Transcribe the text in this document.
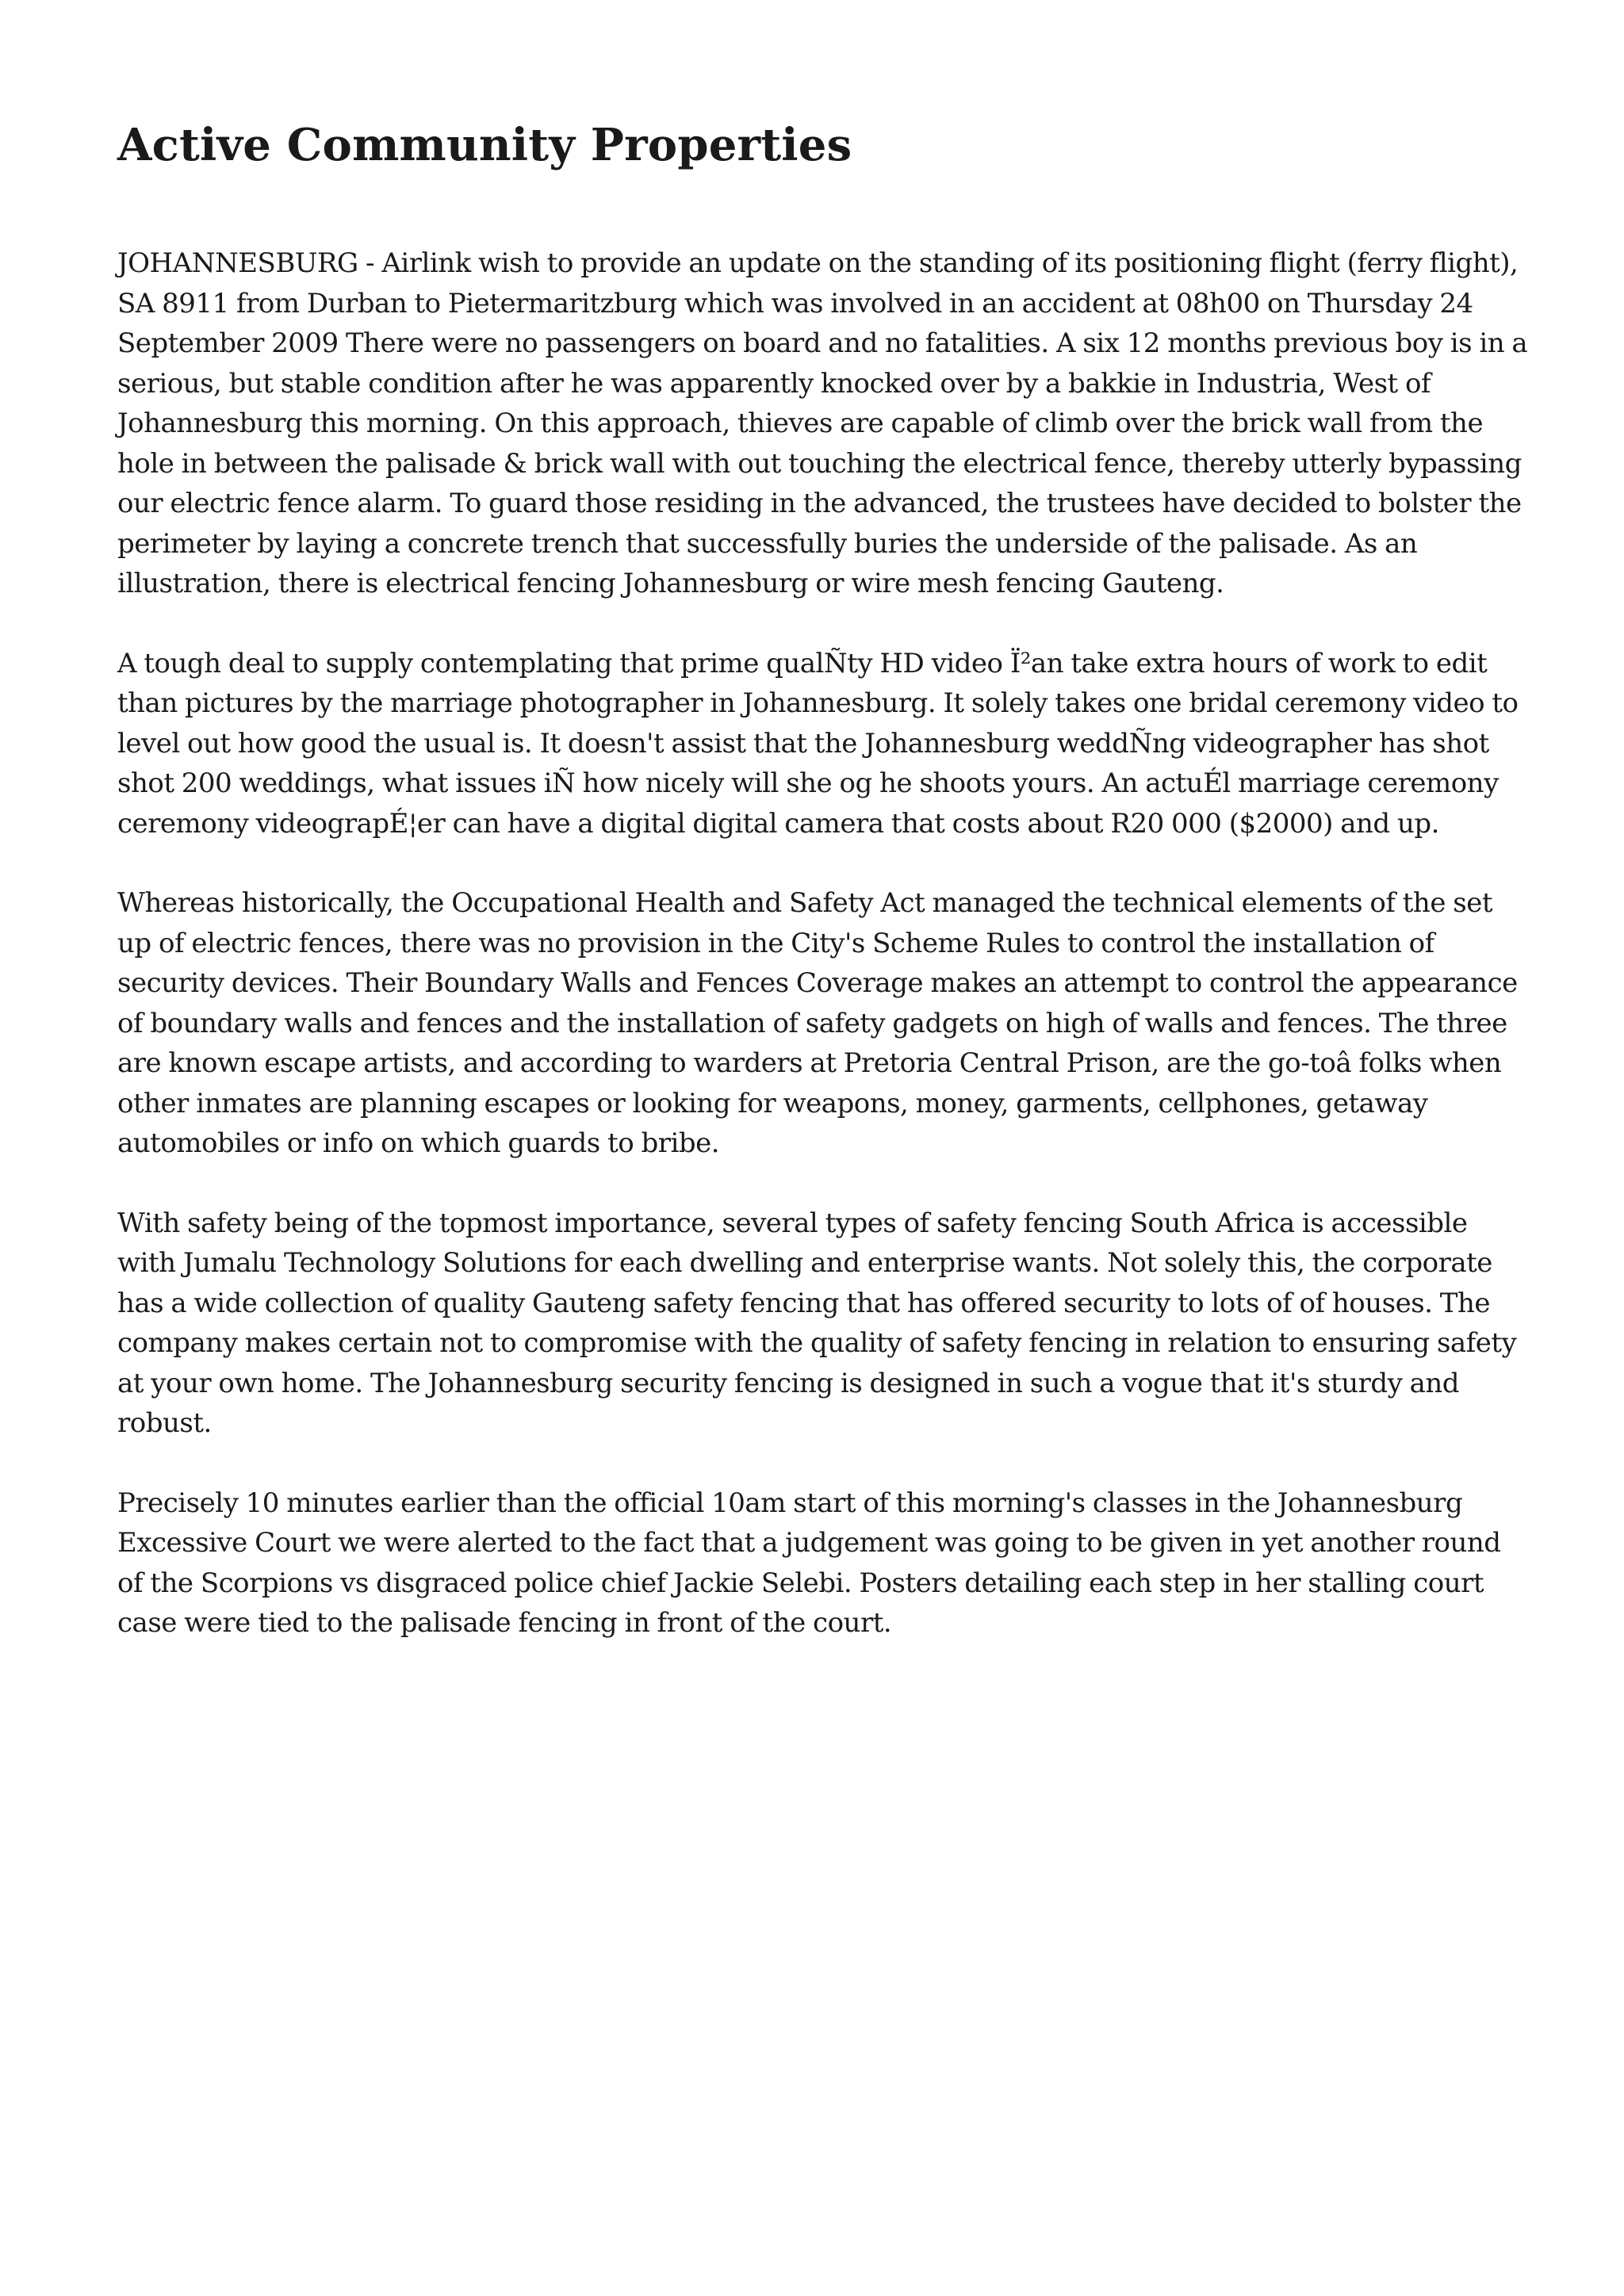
Active Community Properties

JOHANNESBURG - Airlink wish to provide an update on the standing of its positioning flight (ferry flight), SA 8911 from Durban to Pietermaritzburg which was involved in an accident at 08h00 on Thursday 24 September 2009 There were no passengers on board and no fatalities. A six 12 months previous boy is in a serious, but stable condition after he was apparently knocked over by a bakkie in Industria, West of Johannesburg this morning. On this approach, thieves are capable of climb over the brick wall from the hole in between the palisade & brick wall with out touching the electrical fence, thereby utterly bypassing our electric fence alarm. To guard those residing in the advanced, the trustees have decided to bolster the perimeter by laying a concrete trench that successfully buries the underside of the palisade. As an illustration, there is electrical fencing Johannesburg or wire mesh fencing Gauteng.

A tough deal to supply contemplating that prime qualÑty HD video Ï²an take extra hours of work to edit than pictures by the marriage photographer in Johannesburg. It solely takes one bridal ceremony video to level out how good the usual is. It doesn't assist that the Johannesburg weddÑng videographer has shot shot 200 weddings, what issues iÑ how nicely will she og he shoots yours. An actuÉl marriage ceremony ceremony videograpÉ¦er can have a digital digital camera that costs about R20 000 ($2000) and up.

Whereas historically, the Occupational Health and Safety Act managed the technical elements of the set up of electric fences, there was no provision in the City's Scheme Rules to control the installation of security devices. Their Boundary Walls and Fences Coverage makes an attempt to control the appearance of boundary walls and fences and the installation of safety gadgets on high of walls and fences. The three are known escape artists, and according to warders at Pretoria Central Prison, are the go-toâ folks when other inmates are planning escapes or looking for weapons, money, garments, cellphones, getaway automobiles or info on which guards to bribe.

With safety being of the topmost importance, several types of safety fencing South Africa is accessible with Jumalu Technology Solutions for each dwelling and enterprise wants. Not solely this, the corporate has a wide collection of quality Gauteng safety fencing that has offered security to lots of of houses. The company makes certain not to compromise with the quality of safety fencing in relation to ensuring safety at your own home. The Johannesburg security fencing is designed in such a vogue that it's sturdy and robust.

Precisely 10 minutes earlier than the official 10am start of this morning's classes in the Johannesburg Excessive Court we were alerted to the fact that a judgement was going to be given in yet another round of the Scorpions vs disgraced police chief Jackie Selebi. Posters detailing each step in her stalling court case were tied to the palisade fencing in front of the court.
